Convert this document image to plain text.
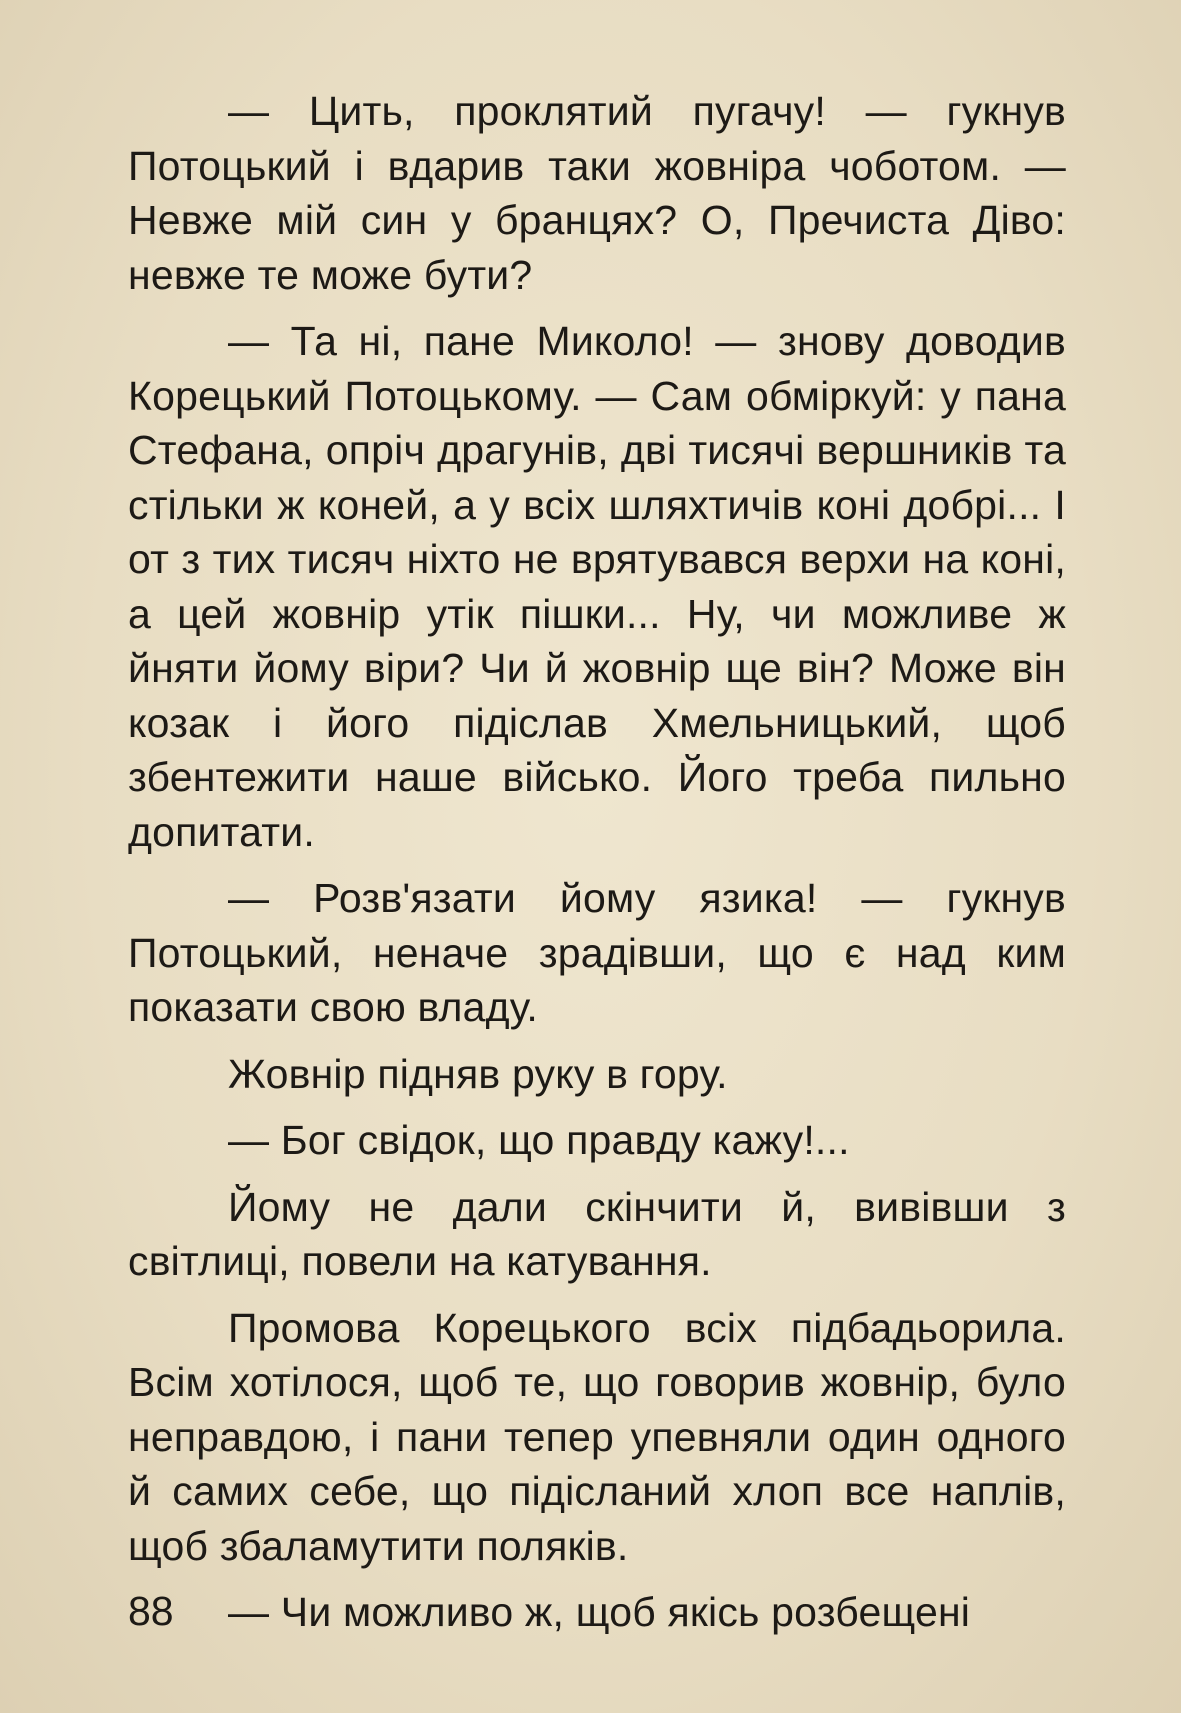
— Цить, проклятий пугачу! — гукнув Потоцький і вдарив таки жовніра чоботом. — Невже мій син у бранцях? О, Пречиста Діво: невже те може бути?

— Та ні, пане Миколо! — знову доводив Корецький Потоцькому. — Сам обміркуй: у пана Стефана, опріч драгунів, дві тисячі вершників та стільки ж коней, а у всіх шляхтичів коні добрі... І от з тих тисяч ніхто не врятувався верхи на коні, а цей жовнір утік пішки... Ну, чи можливе ж йняти йому віри? Чи й жовнір ще він? Може він козак і його підіслав Хмельницький, щоб збентежити наше військо. Його треба пильно допитати.

— Розв'язати йому язика! — гукнув Потоцький, неначе зрадівши, що є над ким показати свою владу.

Жовнір підняв руку в гору.

— Бог свідок, що правду кажу!...

Йому не дали скінчити й, вивівши з світлиці, повели на катування.

Промова Корецького всіх підбадьорила. Всім хотілося, щоб те, що говорив жовнір, було неправдою, і пани тепер упевняли один одного й самих себе, що підісланий хлоп все наплів, щоб збаламутити поляків.

— Чи можливо ж, щоб якісь розбещені

88
